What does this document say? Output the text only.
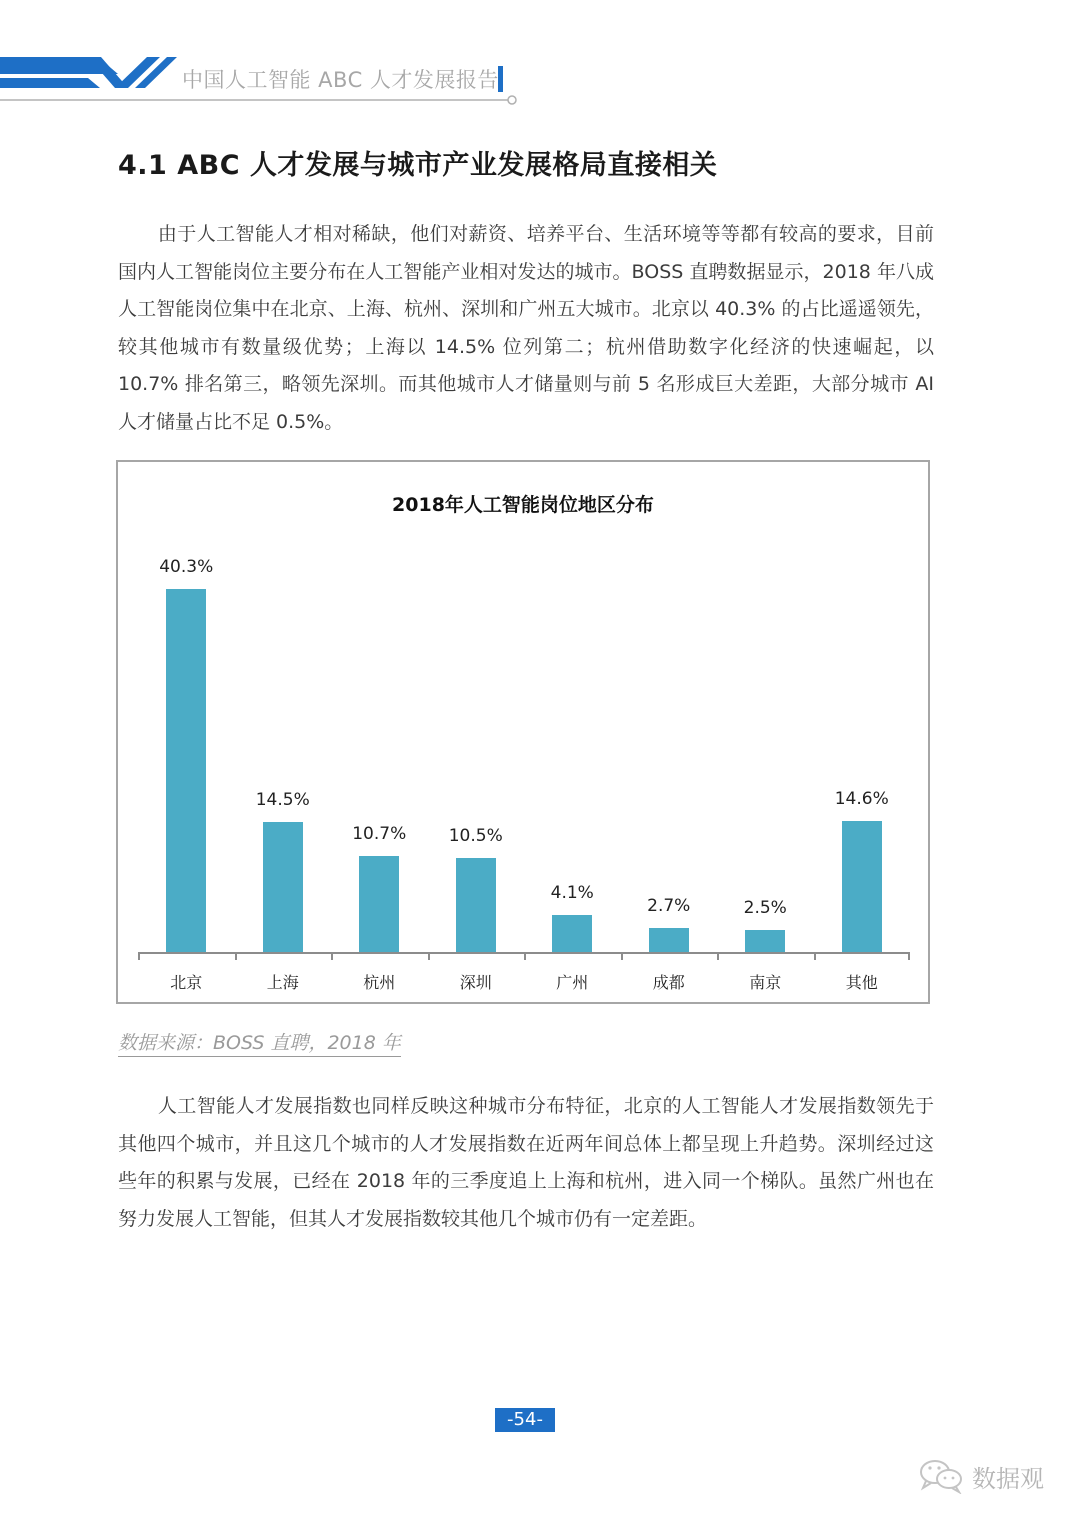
中国人工智能 ABC 人才发展报告
4.1 ABC 人才发展与城市产业发展格局直接相关

由于人工智能人才相对稀缺，他们对薪资、培养平台、生活环境等等都有较高的要求，目前国内人工智能岗位主要分布在人工智能产业相对发达的城市。BOSS 直聘数据显示，2018 年八成人工智能岗位集中在北京、上海、杭州、深圳和广州五大城市。北京以 40.3% 的占比遥遥领先，较其他城市有数量级优势；上海以 14.5% 位列第二；杭州借助数字化经济的快速崛起，以 10.7% 排名第三，略领先深圳。而其他城市人才储量则与前 5 名形成巨大差距，大部分城市 AI 人才储量占比不足 0.5%。

2018年人工智能岗位地区分布
40.3%
北京
14.5%
上海
10.7%
杭州
10.5%
深圳
4.1%
广州
2.7%
成都
2.5%
南京
14.6%
其他
数据来源：BOSS 直聘，2018 年

人工智能人才发展指数也同样反映这种城市分布特征，北京的人工智能人才发展指数领先于其他四个城市，并且这几个城市的人才发展指数在近两年间总体上都呈现上升趋势。深圳经过这些年的积累与发展，已经在 2018 年的三季度追上上海和杭州，进入同一个梯队。虽然广州也在努力发展人工智能，但其人才发展指数较其他几个城市仍有一定差距。

-54-
数据观
